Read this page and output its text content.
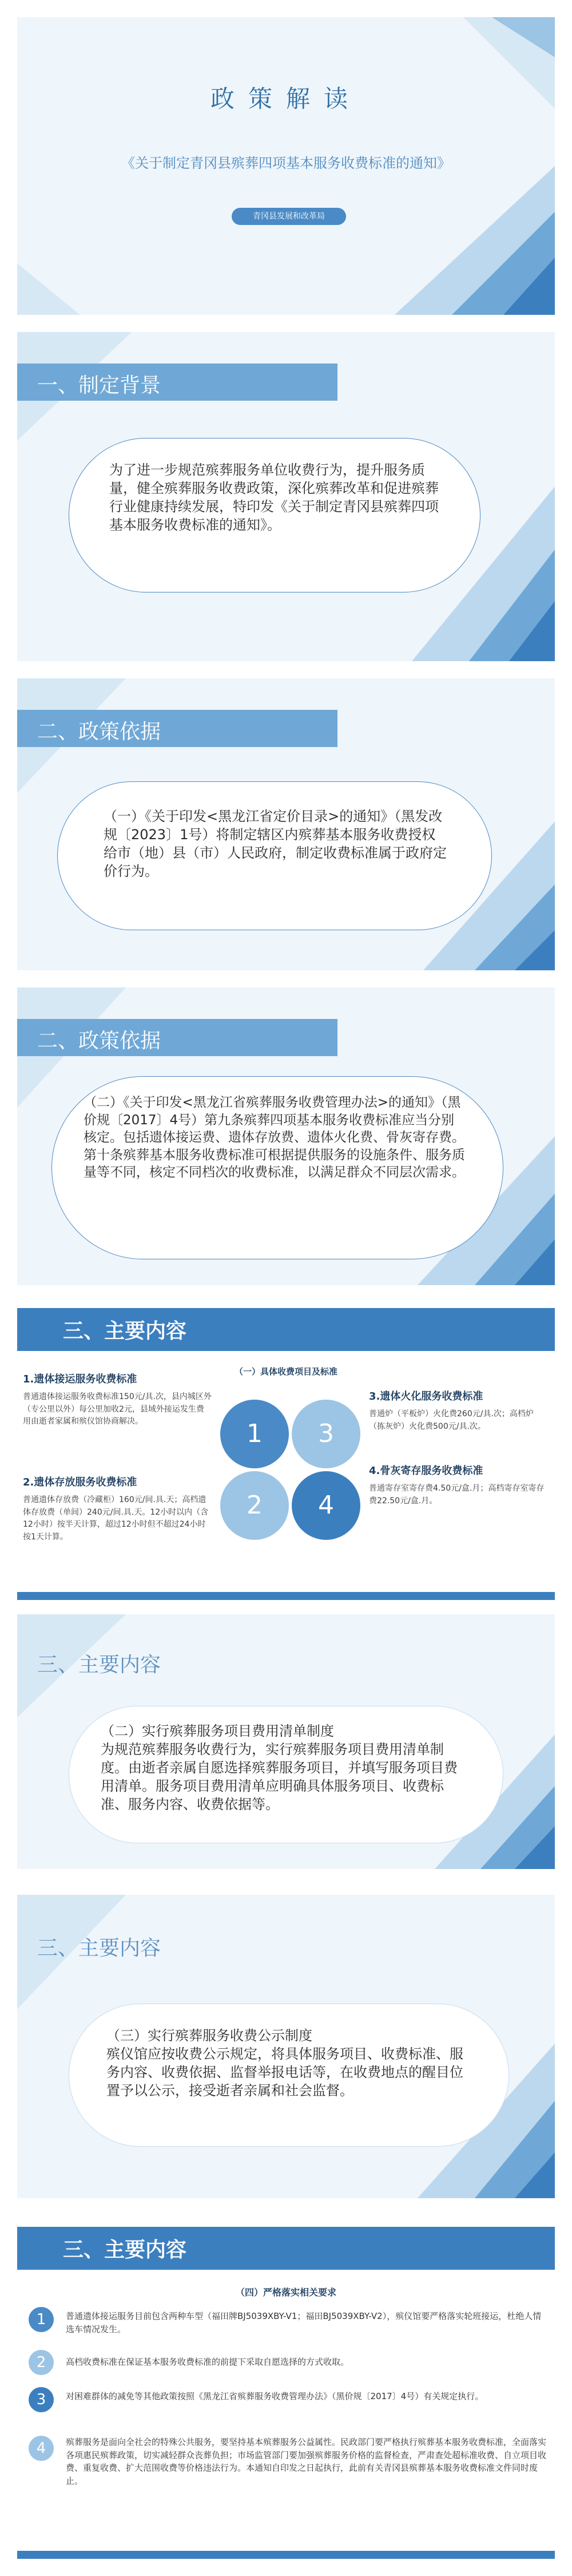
政策解读
《关于制定青冈县殡葬四项基本服务收费标准的通知》
青冈县发展和改革局
一、制定背景
为了进一步规范殡葬服务单位收费行为，提升服务质量，健全殡葬服务收费政策，深化殡葬改革和促进殡葬行业健康持续发展，特印发《关于制定青冈县殡葬四项基本服务收费标准的通知》。
二、政策依据
（一）《关于印发<黑龙江省定价目录>的通知》（黑发改规〔2023〕1号）将制定辖区内殡葬基本服务收费授权给市（地）县（市）人民政府，制定收费标准属于政府定价行为。
二、政策依据
（二）《关于印发<黑龙江省殡葬服务收费管理办法>的通知》（黑价规〔2017〕4号）第九条殡葬四项基本服务收费标准应当分别核定。包括遗体接运费、遗体存放费、遗体火化费、骨灰寄存费。第十条殡葬基本服务收费标准可根据提供服务的设施条件、服务质量等不同，核定不同档次的收费标准，以满足群众不同层次需求。
三、主要内容
（一）具体收费项目及标准
1	3
2	4
1.遗体接运服务收费标准
普通遗体接运服务收费标准150元/具.次，县内城区外（专公里以外）每公里加收2元，县域外接运发生费用由逝者家属和殡仪馆协商解决。
2.遗体存放服务收费标准
普通遗体存放费（冷藏柜）160元/间.具.天；高档遗体存放费（单间）240元/间.具.天。12小时以内（含12小时）按半天计算，超过12小时但不超过24小时按1天计算。
3.遗体火化服务收费标准
普通炉（平板炉）火化费260元/具.次；高档炉（拣灰炉）火化费500元/具.次。
4.骨灰寄存服务收费标准
普通寄存室寄存费4.50元/盒.月；高档寄存室寄存费22.50元/盒.月。
三、主要内容
（二）实行殡葬服务项目费用清单制度
为规范殡葬服务收费行为，实行殡葬服务项目费用清单制度。由逝者亲属自愿选择殡葬服务项目，并填写服务项目费用清单。服务项目费用清单应明确具体服务项目、收费标准、服务内容、收费依据等。
三、主要内容
（三）实行殡葬服务收费公示制度
殡仪馆应按收费公示规定，将具体服务项目、收费标准、服务内容、收费依据、监督举报电话等，在收费地点的醒目位置予以公示，接受逝者亲属和社会监督。
三、主要内容
（四）严格落实相关要求
1	普通遗体接运服务目前包含两种车型（福田牌BJ5039XBY-V1；福田BJ5039XBY-V2），殡仪馆要严格落实轮班接运，杜绝人情选车情况发生。
2	高档收费标准在保证基本服务收费标准的前提下采取自愿选择的方式收取。
3	对困难群体的减免等其他政策按照《黑龙江省殡葬服务收费管理办法》（黑价规〔2017〕4号）有关规定执行。
4	殡葬服务是面向全社会的特殊公共服务，要坚持基本殡葬服务公益属性。民政部门要严格执行殡葬基本服务收费标准，全面落实各项惠民殡葬政策，切实减轻群众丧葬负担；市场监管部门要加强殡葬服务价格的监督检查，严肃查处超标准收费、自立项目收费、重复收费、扩大范围收费等价格违法行为。本通知自印发之日起执行，此前有关青冈县殡葬基本服务收费标准文件同时废止。
